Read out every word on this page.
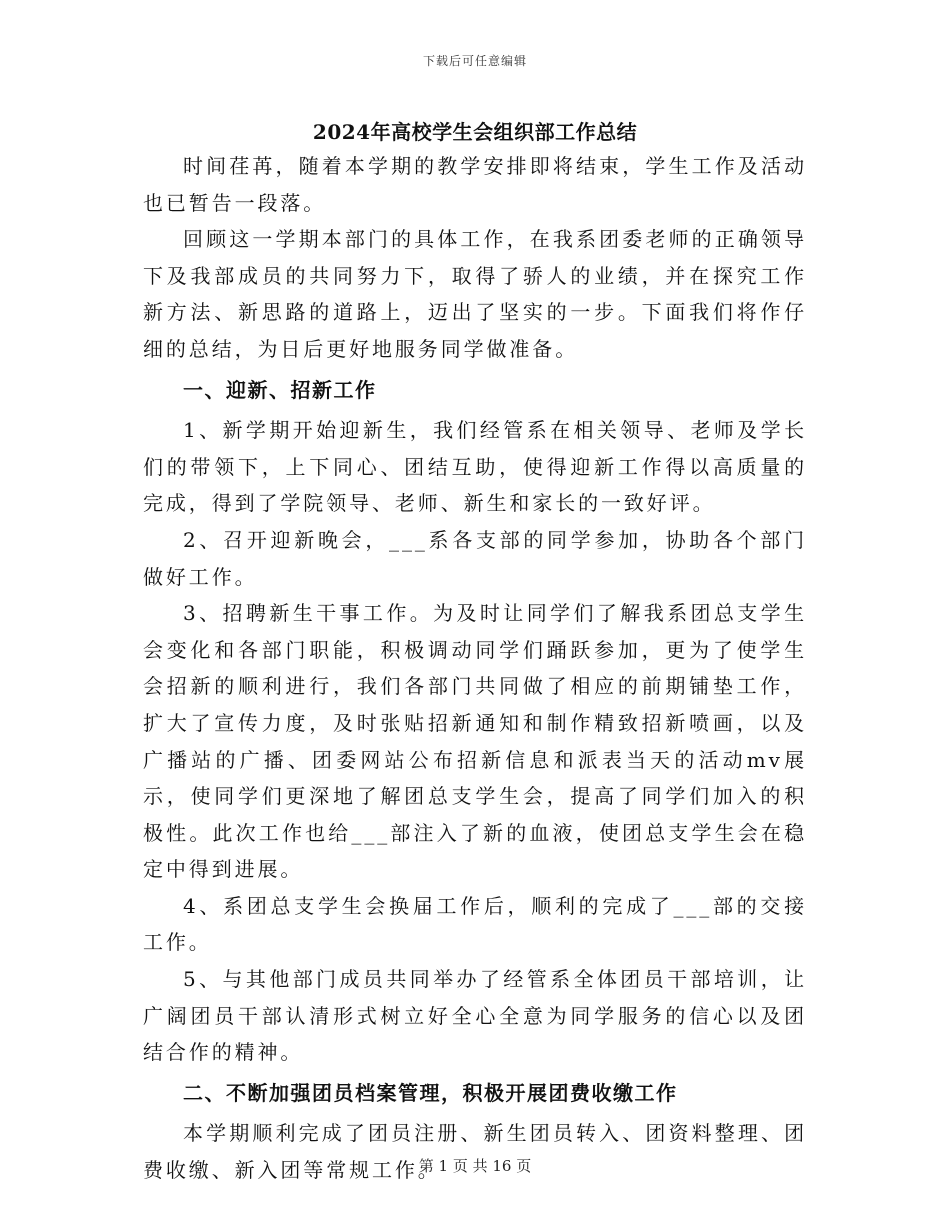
下载后可任意编辑
2024年高校学生会组织部工作总结

时间荏苒，随着本学期的教学安排即将结束，学生工作及活动也已暂告一段落。

回顾这一学期本部门的具体工作，在我系团委老师的正确领导下及我部成员的共同努力下，取得了骄人的业绩，并在探究工作新方法、新思路的道路上，迈出了坚实的一步。下面我们将作仔细的总结，为日后更好地服务同学做准备。

一、迎新、招新工作

1、新学期开始迎新生，我们经管系在相关领导、老师及学长们的带领下，上下同心、团结互助，使得迎新工作得以高质量的完成，得到了学院领导、老师、新生和家长的一致好评。

2、召开迎新晚会，___系各支部的同学参加，协助各个部门做好工作。

3、招聘新生干事工作。为及时让同学们了解我系团总支学生会变化和各部门职能，积极调动同学们踊跃参加，更为了使学生会招新的顺利进行，我们各部门共同做了相应的前期铺垫工作，扩大了宣传力度，及时张贴招新通知和制作精致招新喷画，以及广播站的广播、团委网站公布招新信息和派表当天的活动mv展示，使同学们更深地了解团总支学生会，提高了同学们加入的积极性。此次工作也给___部注入了新的血液，使团总支学生会在稳定中得到进展。

4、系团总支学生会换届工作后，顺利的完成了___部的交接工作。

5、与其他部门成员共同举办了经管系全体团员干部培训，让广阔团员干部认清形式树立好全心全意为同学服务的信心以及团结合作的精神。

二、不断加强团员档案管理，积极开展团费收缴工作

本学期顺利完成了团员注册、新生团员转入、团资料整理、团费收缴、新入团等常规工作。

第 1 页 共 16 页
